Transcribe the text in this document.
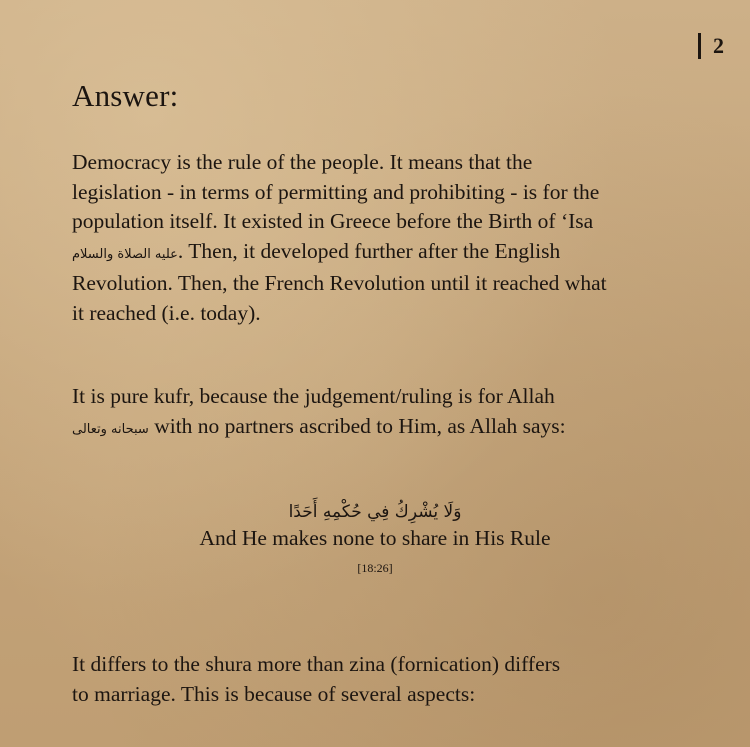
2
Answer:

Democracy is the rule of the people. It means that the
legislation - in terms of permitting and prohibiting - is for the
population itself. It existed in Greece before the Birth of ‘Isa
عليه الصلاة والسلام. Then, it developed further after the English
Revolution. Then, the French Revolution until it reached what
it reached (i.e. today).

It is pure kufr, because the judgement/ruling is for Allah
سبحانه وتعالى with no partners ascribed to Him, as Allah says:

وَلَا يُشْرِكُ فِي حُكْمِهِ أَحَدًا
And He makes none to share in His Rule
[18:26]

It differs to the shura more than zina (fornication) differs
to marriage. This is because of several aspects:
